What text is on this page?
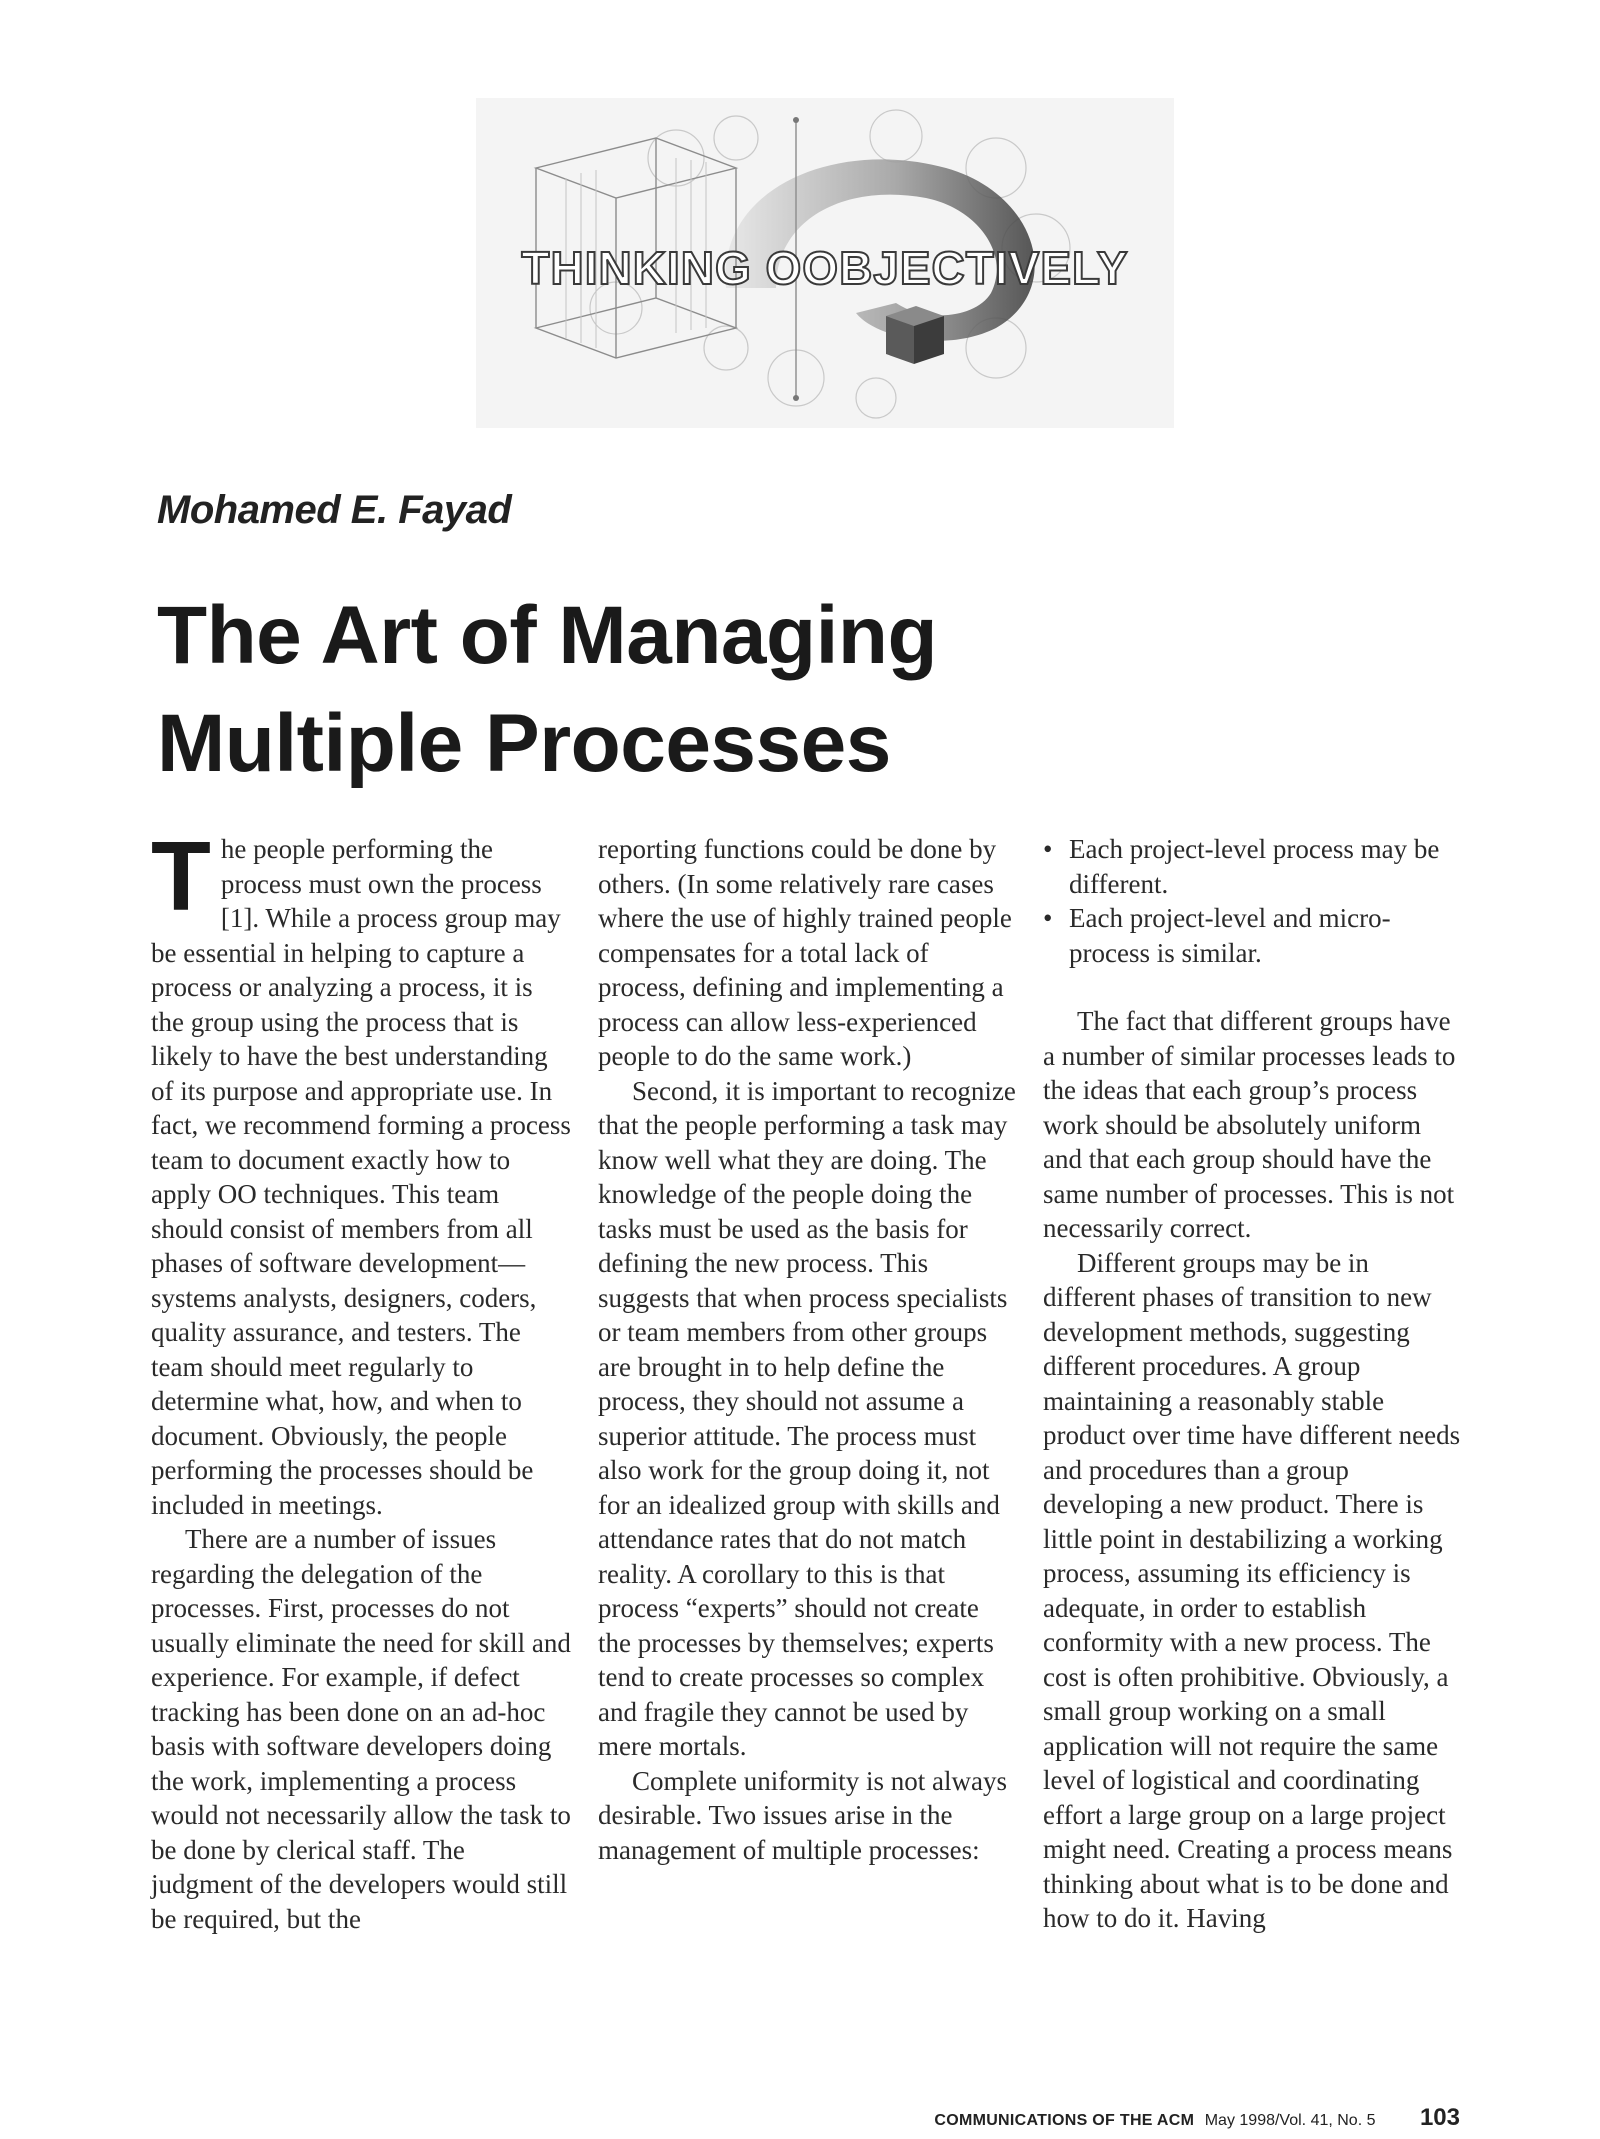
THINKING OOBJECTIVELY
Mohamed E. Fayad
The Art of Managing
Multiple Processes

The people performing the process must own the process [1]. While a process group may be essential in helping to capture a process or analyzing a process, it is the group using the process that is likely to have the best understanding of its purpose and appropriate use. In fact, we recommend forming a process team to document exactly how to apply OO techniques. This team should consist of members from all phases of software development—systems analysts, designers, coders, quality assurance, and testers. The team should meet regularly to determine what, how, and when to document. Obviously, the people performing the processes should be included in meetings.

There are a number of issues regarding the delegation of the processes. First, processes do not usually eliminate the need for skill and experience. For example, if defect tracking has been done on an ad-hoc basis with software developers doing the work, implementing a process would not necessarily allow the task to be done by clerical staff. The judgment of the developers would still be required, but the

reporting functions could be done by others. (In some relatively rare cases where the use of highly trained people compensates for a total lack of process, defining and implementing a process can allow less-experienced people to do the same work.)

Second, it is important to recognize that the people performing a task may know well what they are doing. The knowledge of the people doing the tasks must be used as the basis for defining the new process. This suggests that when process specialists or team members from other groups are brought in to help define the process, they should not assume a superior attitude. The process must also work for the group doing it, not for an idealized group with skills and attendance rates that do not match reality. A corollary to this is that process “experts” should not create the processes by themselves; experts tend to create processes so complex and fragile they cannot be used by mere mortals.

Complete uniformity is not always desirable. Two issues arise in the management of multiple processes:

• Each project-level process may be different.
• Each project-level and micro-process is similar.

The fact that different groups have a number of similar processes leads to the ideas that each group’s process work should be absolutely uniform and that each group should have the same number of processes. This is not necessarily correct.

Different groups may be in different phases of transition to new development methods, suggesting different procedures. A group maintaining a reasonably stable product over time have different needs and procedures than a group developing a new product. There is little point in destabilizing a working process, assuming its efficiency is adequate, in order to establish conformity with a new process. The cost is often prohibitive. Obviously, a small group working on a small application will not require the same level of logistical and coordinating effort a large group on a large project might need. Creating a process means thinking about what is to be done and how to do it. Having

COMMUNICATIONS OF THE ACM May 1998/Vol. 41, No. 5 103
